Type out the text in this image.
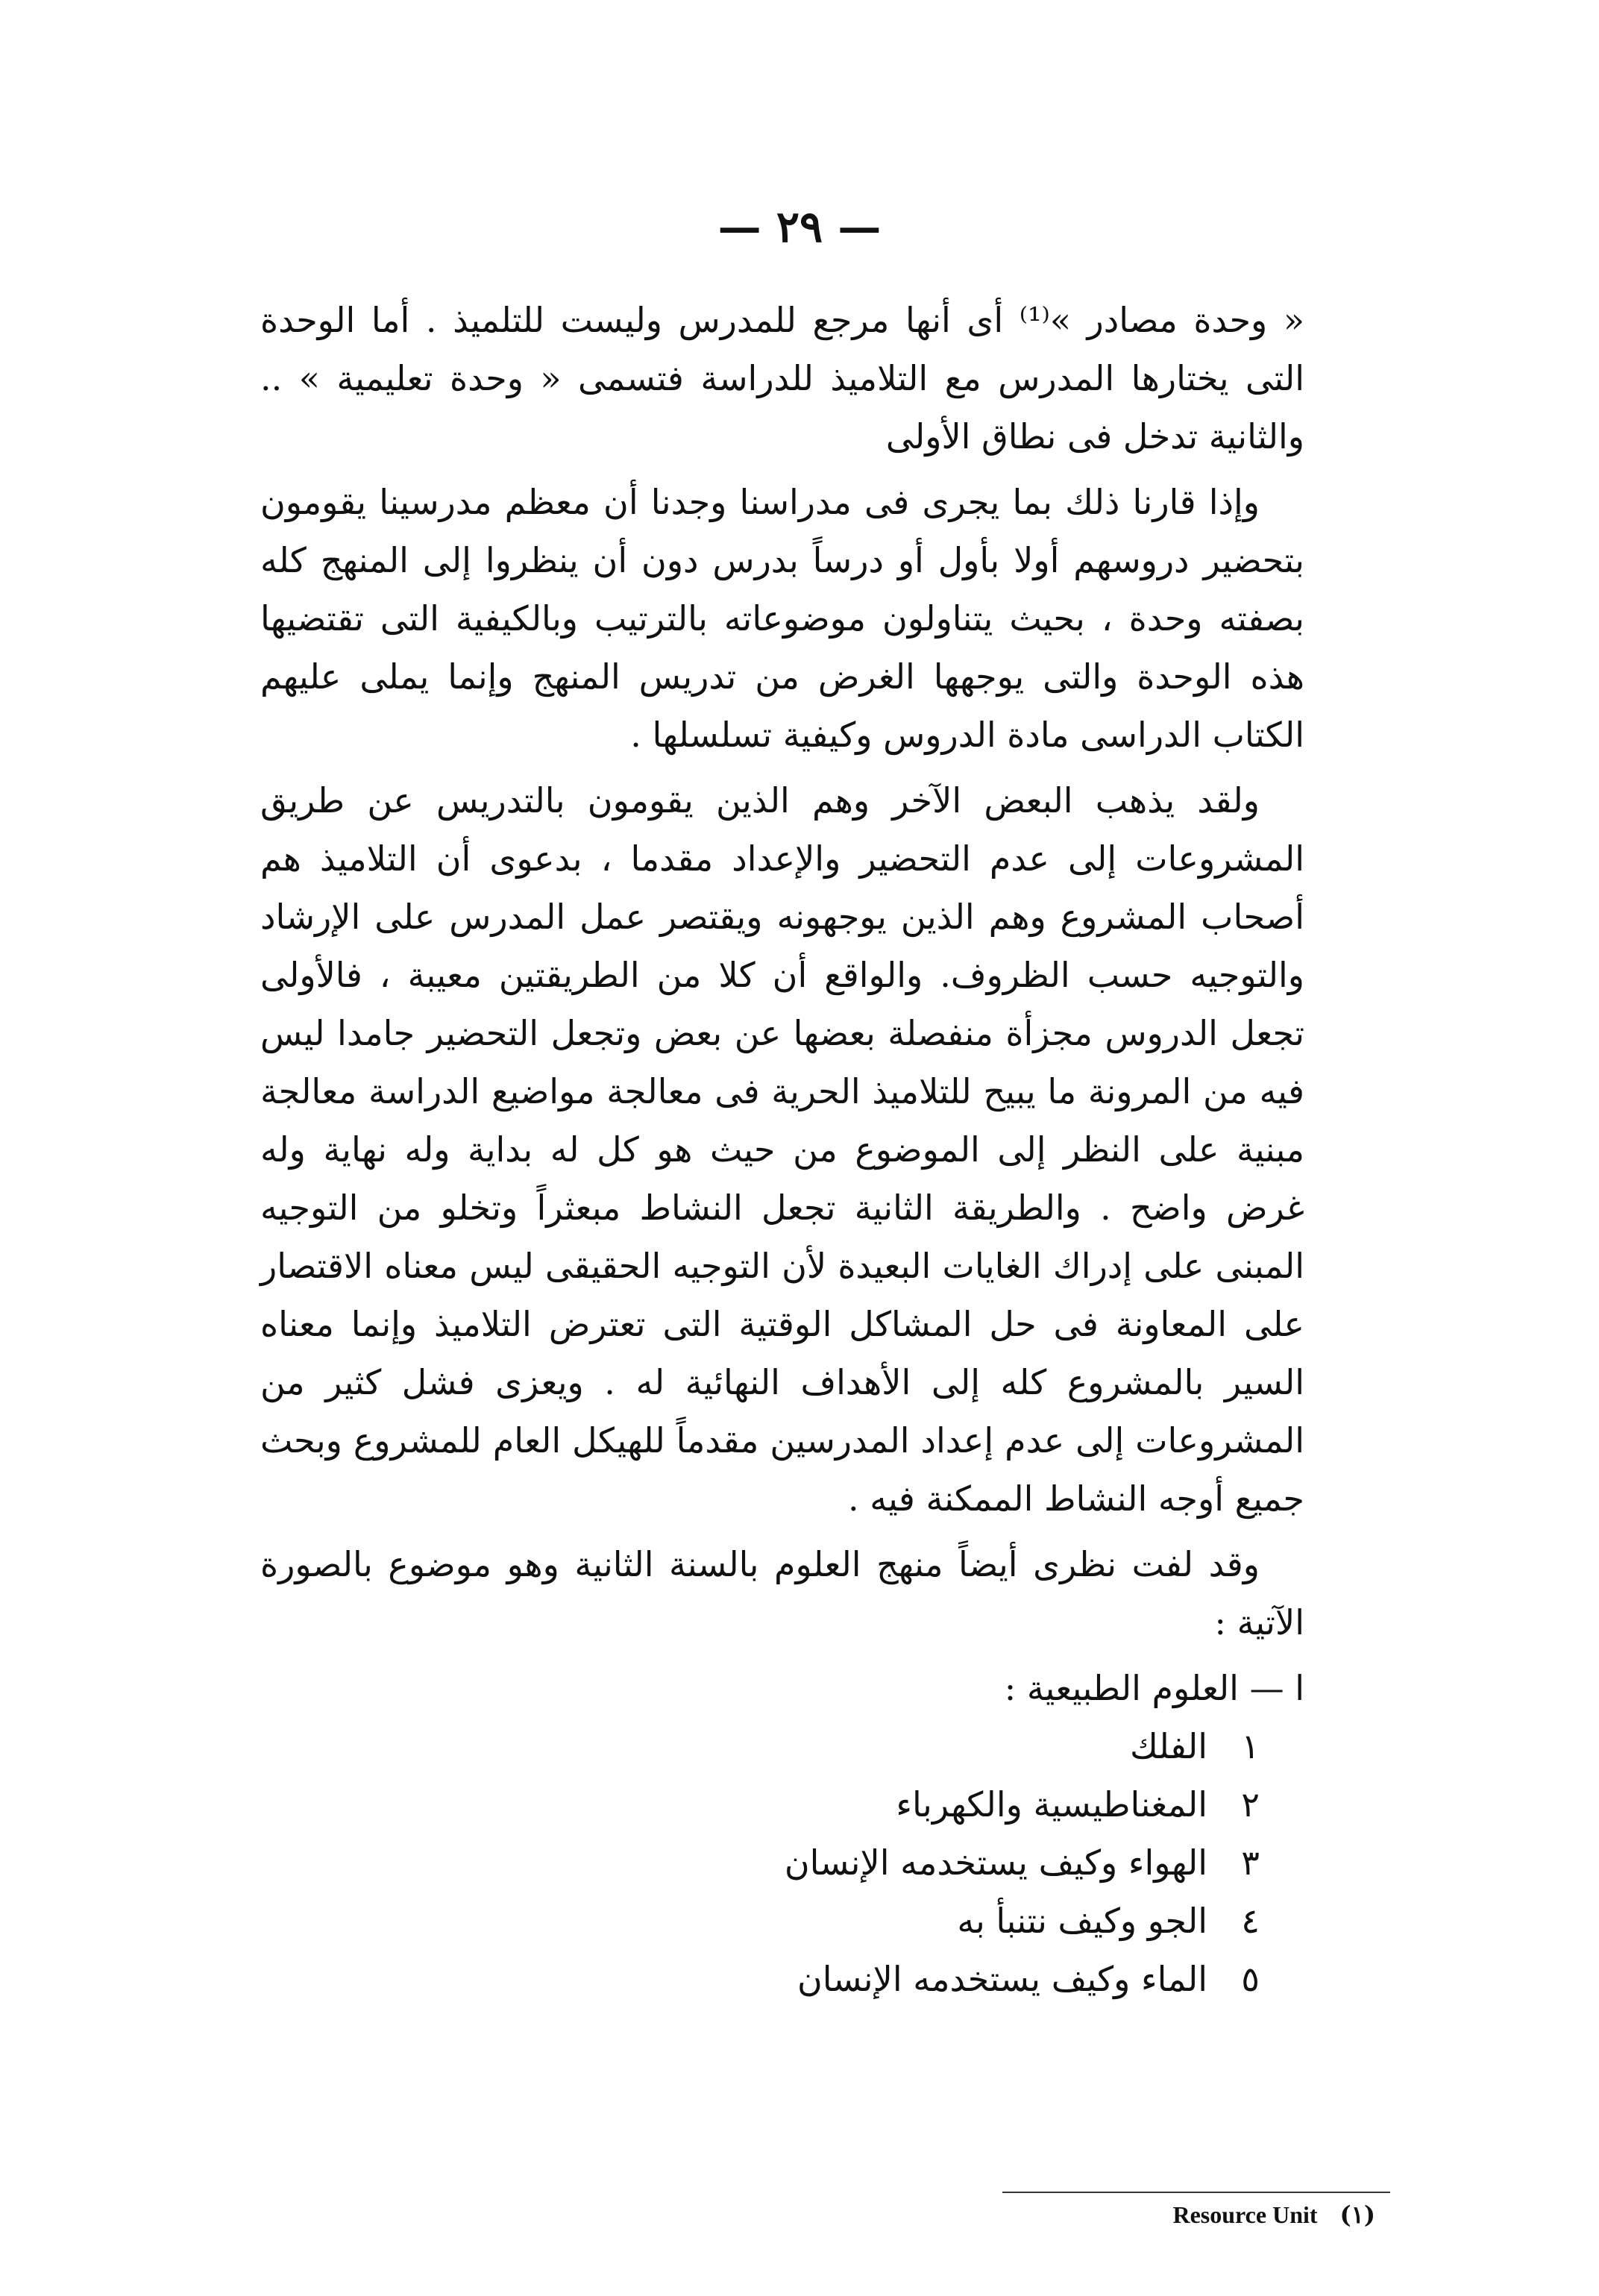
— ٢٩ —

« وحدة مصادر »⁽¹⁾ أى أنها مرجع للمدرس وليست للتلميذ . أما الوحدة التى يختارها المدرس مع التلاميذ للدراسة فتسمى « وحدة تعليمية » .. والثانية تدخل فى نطاق الأولى

وإذا قارنا ذلك بما يجرى فى مدراسنا وجدنا أن معظم مدرسينا يقومون بتحضير دروسهم أولا بأول أو درساً بدرس دون أن ينظروا إلى المنهج كله بصفته وحدة ، بحيث يتناولون موضوعاته بالترتيب وبالكيفية التى تقتضيها هذه الوحدة والتى يوجهها الغرض من تدريس المنهج وإنما يملى عليهم الكتاب الدراسى مادة الدروس وكيفية تسلسلها .

ولقد يذهب البعض الآخر وهم الذين يقومون بالتدريس عن طريق المشروعات إلى عدم التحضير والإعداد مقدما ، بدعوى أن التلاميذ هم أصحاب المشروع وهم الذين يوجهونه ويقتصر عمل المدرس على الإرشاد والتوجيه حسب الظروف. والواقع أن كلا من الطريقتين معيبة ، فالأولى تجعل الدروس مجزأة منفصلة بعضها عن بعض وتجعل التحضير جامدا ليس فيه من المرونة ما يبيح للتلاميذ الحرية فى معالجة مواضيع الدراسة معالجة مبنية على النظر إلى الموضوع من حيث هو كل له بداية وله نهاية وله غرض واضح . والطريقة الثانية تجعل النشاط مبعثراً وتخلو من التوجيه المبنى على إدراك الغايات البعيدة لأن التوجيه الحقيقى ليس معناه الاقتصار على المعاونة فى حل المشاكل الوقتية التى تعترض التلاميذ وإنما معناه السير بالمشروع كله إلى الأهداف النهائية له . ويعزى فشل كثير من المشروعات إلى عدم إعداد المدرسين مقدماً للهيكل العام للمشروع وبحث جميع أوجه النشاط الممكنة فيه .

وقد لفت نظرى أيضاً منهج العلوم بالسنة الثانية وهو موضوع بالصورة الآتية :

ا — العلوم الطبيعية :

١
الفلك
٢
المغناطيسية والكهرباء
٣
الهواء وكيف يستخدمه الإنسان
٤
الجو وكيف نتنبأ به
٥
الماء وكيف يستخدمه الإنسان
Resource Unit (١)
